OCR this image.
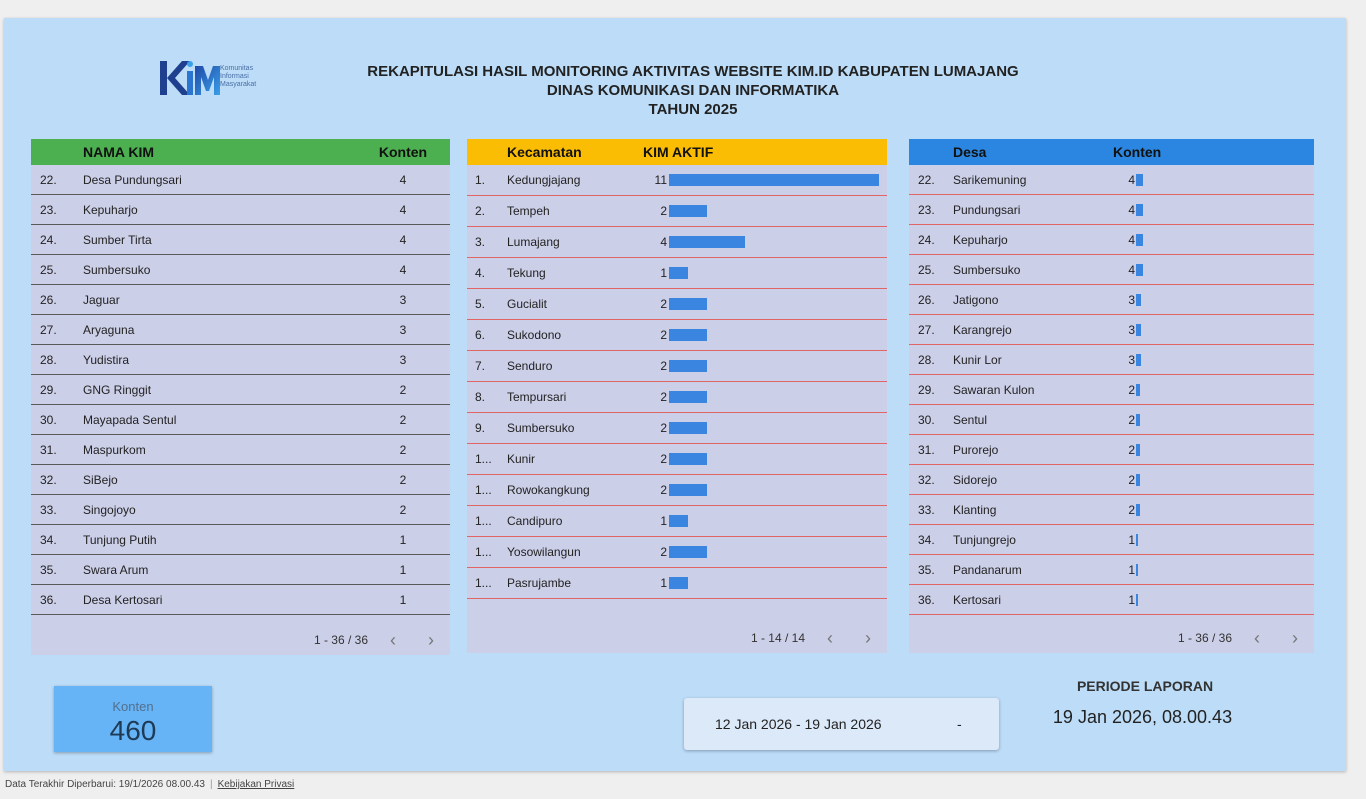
Komunitas
Informasi
Masyarakat
REKAPITULASI HASIL MONITORING AKTIVITAS WEBSITE KIM.ID KABUPATEN LUMAJANG
DINAS KOMUNIKASI DAN INFORMATIKA
TAHUN 2025
NAMA KIM	Konten
22.	Desa Pundungsari	4
23.	Kepuharjo	4
24.	Sumber Tirta	4
25.	Sumbersuko	4
26.	Jaguar	3
27.	Aryaguna	3
28.	Yudistira	3
29.	GNG Ringgit	2
30.	Mayapada Sentul	2
31.	Maspurkom	2
32.	SiBejo	2
33.	Singojoyo	2
34.	Tunjung Putih	1
35.	Swara Arum	1
36.	Desa Kertosari	1
1 - 36 / 36	‹	›
Kecamatan	KIM AKTIF
1.	Kedungjajang	11
2.	Tempeh	2
3.	Lumajang	4
4.	Tekung	1
5.	Gucialit	2
6.	Sukodono	2
7.	Senduro	2
8.	Tempursari	2
9.	Sumbersuko	2
1...	Kunir	2
1...	Rowokangkung	2
1...	Candipuro	1
1...	Yosowilangun	2
1...	Pasrujambe	1
1 - 14 / 14	‹	›
Desa	Konten
22.	Sarikemuning	4
23.	Pundungsari	4
24.	Kepuharjo	4
25.	Sumbersuko	4
26.	Jatigono	3
27.	Karangrejo	3
28.	Kunir Lor	3
29.	Sawaran Kulon	2
30.	Sentul	2
31.	Purorejo	2
32.	Sidorejo	2
33.	Klanting	2
34.	Tunjungrejo	1
35.	Pandanarum	1
36.	Kertosari	1
1 - 36 / 36	‹	›
Konten
460	12 Jan 2026 - 19 Jan 2026	-
PERIODE LAPORAN
19 Jan 2026, 08.00.43
Data Terakhir Diperbarui: 19/1/2026 08.00.43 | Kebijakan Privasi
